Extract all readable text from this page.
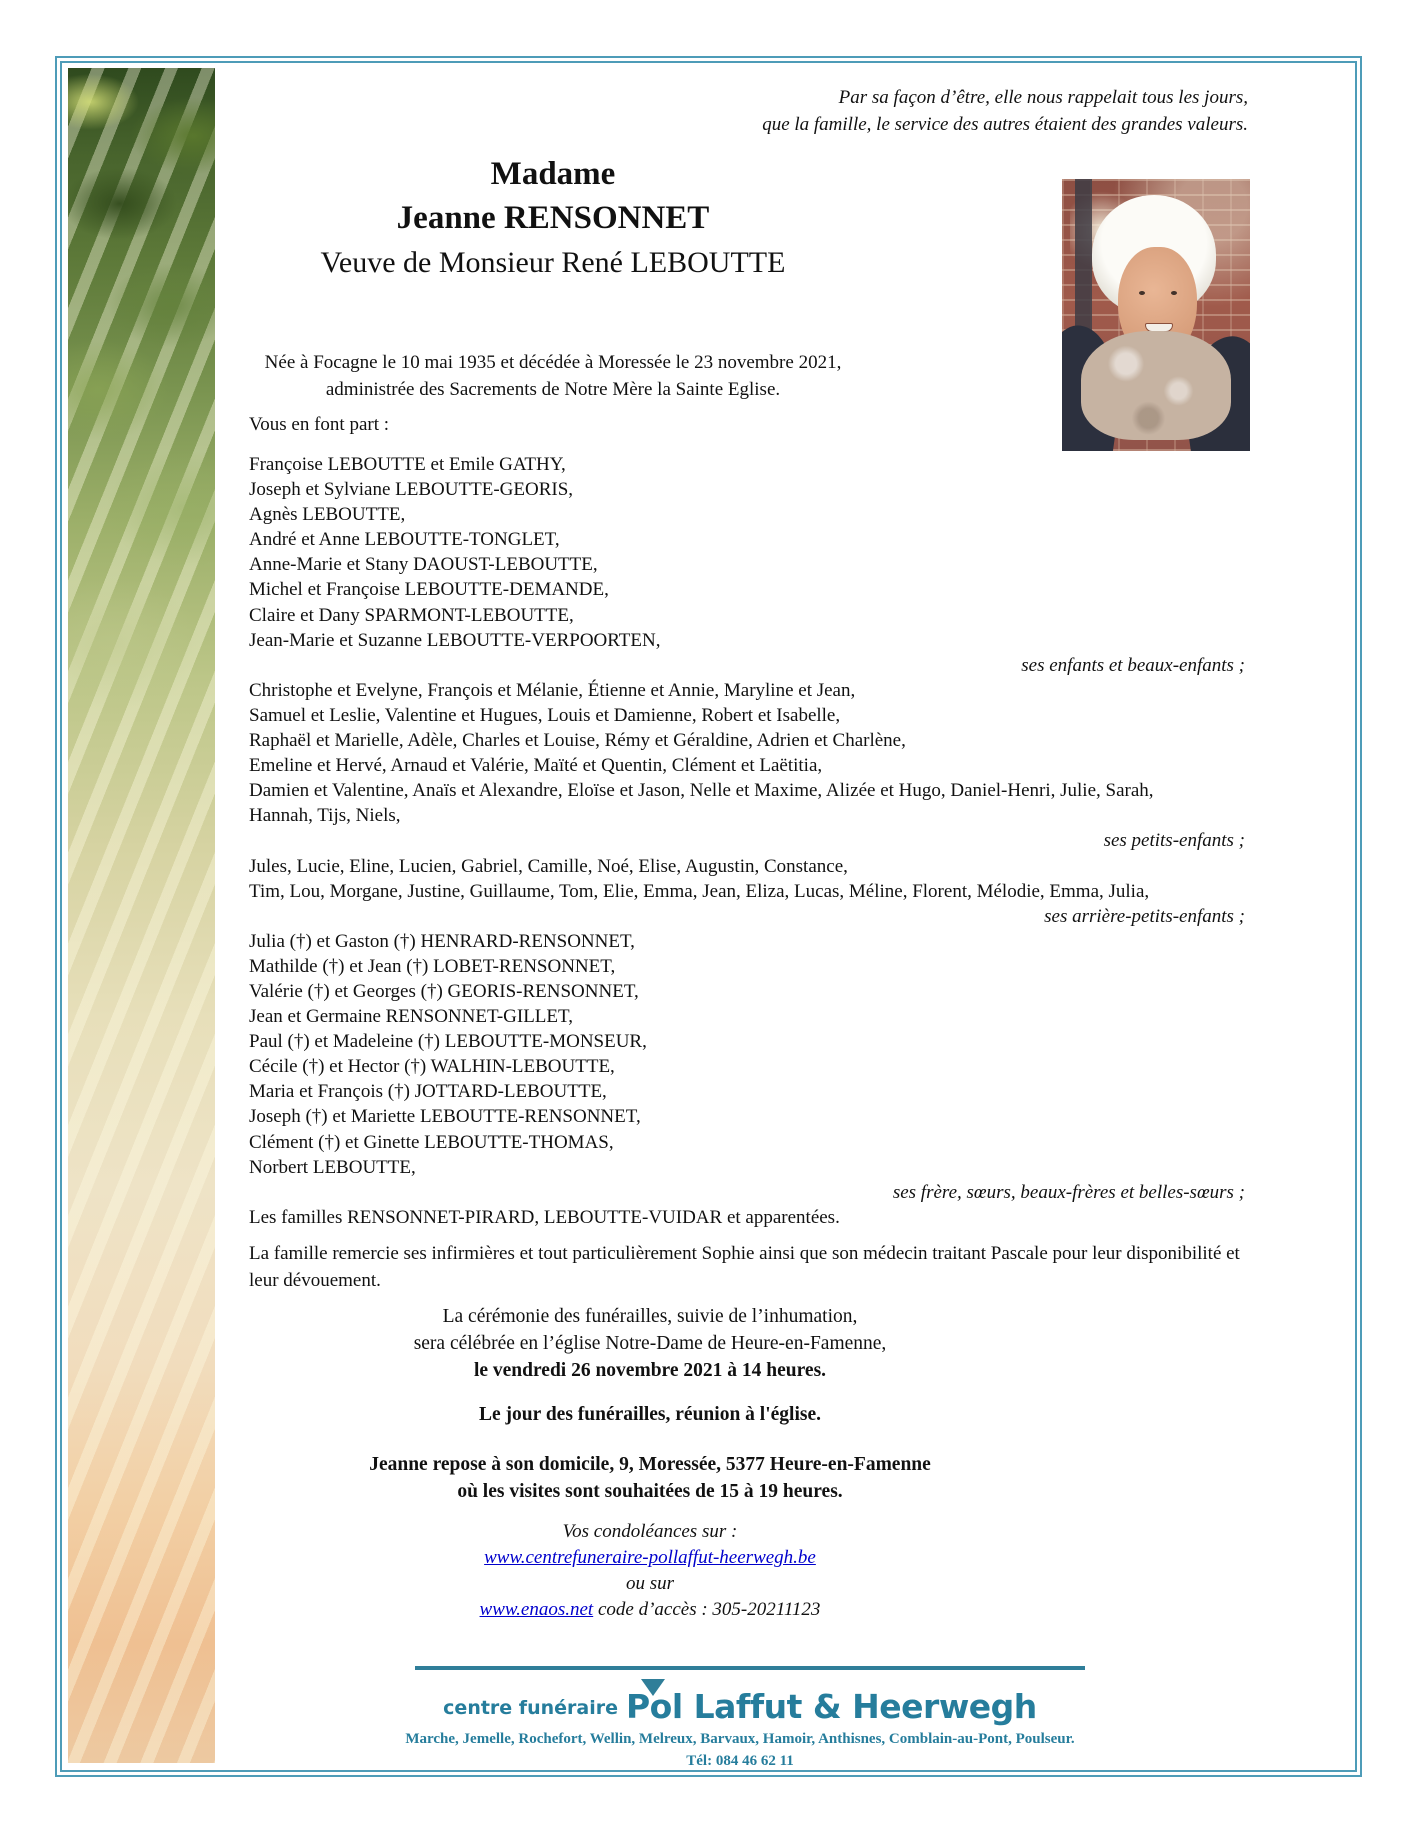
Par sa façon d’être, elle nous rappelait tous les jours,
que la famille, le service des autres étaient des grandes valeurs.
Madame
Jeanne RENSONNET
Veuve de Monsieur René LEBOUTTE
Née à Focagne le 10 mai 1935 et décédée à Moressée le 23 novembre 2021,
administrée des Sacrements de Notre Mère la Sainte Eglise.
Vous en font part :
Françoise LEBOUTTE et Emile GATHY,
Joseph et Sylviane LEBOUTTE-GEORIS,
Agnès LEBOUTTE,
André et Anne LEBOUTTE-TONGLET,
Anne-Marie et Stany DAOUST-LEBOUTTE,
Michel et Françoise LEBOUTTE-DEMANDE,
Claire et Dany SPARMONT-LEBOUTTE,
Jean-Marie et Suzanne LEBOUTTE-VERPOORTEN,
ses enfants et beaux-enfants ;
Christophe et Evelyne, François et Mélanie, Étienne et Annie, Maryline et Jean,
Samuel et Leslie, Valentine et Hugues, Louis et Damienne, Robert et Isabelle,
Raphaël et Marielle, Adèle, Charles et Louise, Rémy et Géraldine, Adrien et Charlène,
Emeline et Hervé, Arnaud et Valérie, Maïté et Quentin, Clément et Laëtitia,
Damien et Valentine, Anaïs et Alexandre, Eloïse et Jason, Nelle et Maxime, Alizée et Hugo, Daniel-Henri, Julie, Sarah,
Hannah, Tijs, Niels,
ses petits-enfants ;
Jules, Lucie, Eline, Lucien, Gabriel, Camille, Noé, Elise, Augustin, Constance,
Tim, Lou, Morgane, Justine, Guillaume, Tom, Elie, Emma, Jean, Eliza, Lucas, Méline, Florent, Mélodie, Emma, Julia,
ses arrière-petits-enfants ;
Julia (†) et Gaston (†) HENRARD-RENSONNET,
Mathilde (†) et Jean (†) LOBET-RENSONNET,
Valérie (†) et Georges (†) GEORIS-RENSONNET,
Jean et Germaine RENSONNET-GILLET,
Paul (†) et Madeleine (†) LEBOUTTE-MONSEUR,
Cécile (†) et Hector (†) WALHIN-LEBOUTTE,
Maria et François (†) JOTTARD-LEBOUTTE,
Joseph (†) et Mariette LEBOUTTE-RENSONNET,
Clément (†) et Ginette LEBOUTTE-THOMAS,
Norbert LEBOUTTE,
ses frère, sœurs, beaux-frères et belles-sœurs ;
Les familles RENSONNET-PIRARD, LEBOUTTE-VUIDAR et apparentées.
La famille remercie ses infirmières et tout particulièrement Sophie ainsi que son médecin traitant Pascale pour leur disponibilité et leur dévouement.
La cérémonie des funérailles, suivie de l’inhumation,
sera célébrée en l’église Notre-Dame de Heure-en-Famenne,
le vendredi 26 novembre 2021 à 14 heures.
Le jour des funérailles, réunion à l'église.
Jeanne repose à son domicile, 9, Moressée, 5377 Heure-en-Famenne
où les visites sont souhaitées de 15 à 19 heures.
Vos condoléances sur :
www.centrefuneraire-pollaffut-heerwegh.be
ou sur
www.enaos.net code d’accès : 305-20211123
centre funéraire Pol Laffut & Heerwegh
Marche, Jemelle, Rochefort, Wellin, Melreux, Barvaux, Hamoir, Anthisnes, Comblain-au-Pont, Poulseur.
Tél: 084 46 62 11
